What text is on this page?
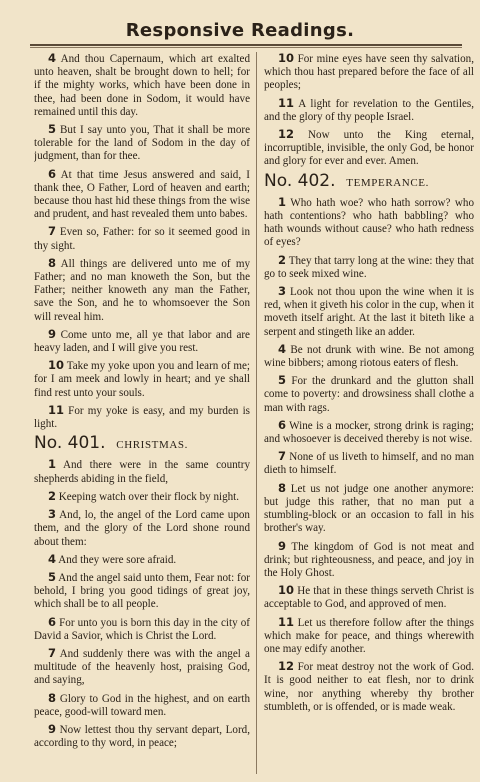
Responsive Readings.

4 And thou Capernaum, which art exalted unto heaven, shalt be brought down to hell; for if the mighty works, which have been done in thee, had been done in Sodom, it would have remained until this day.

5 But I say unto you, That it shall be more tolerable for the land of Sodom in the day of judgment, than for thee.

6 At that time Jesus answered and said, I thank thee, O Father, Lord of heaven and earth; because thou hast hid these things from the wise and prudent, and hast revealed them unto babes.

7 Even so, Father: for so it seemed good in thy sight.

8 All things are delivered unto me of my Father; and no man knoweth the Son, but the Father; neither knoweth any man the Father, save the Son, and he to whomsoever the Son will reveal him.

9 Come unto me, all ye that labor and are heavy laden, and I will give you rest.

10 Take my yoke upon you and learn of me; for I am meek and lowly in heart; and ye shall find rest unto your souls.

11 For my yoke is easy, and my burden is light.

No. 401. CHRISTMAS.

1 And there were in the same country shepherds abiding in the field,

2 Keeping watch over their flock by night.

3 And, lo, the angel of the Lord came upon them, and the glory of the Lord shone round about them:

4 And they were sore afraid.

5 And the angel said unto them, Fear not: for behold, I bring you good tidings of great joy, which shall be to all people.

6 For unto you is born this day in the city of David a Savior, which is Christ the Lord.

7 And suddenly there was with the angel a multitude of the heavenly host, praising God, and saying,

8 Glory to God in the highest, and on earth peace, good-will toward men.

9 Now lettest thou thy servant depart, Lord, according to thy word, in peace;

10 For mine eyes have seen thy salvation, which thou hast prepared before the face of all peoples;

11 A light for revelation to the Gentiles, and the glory of thy people Israel.

12 Now unto the King eternal, incorruptible, invisible, the only God, be honor and glory for ever and ever. Amen.

No. 402. TEMPERANCE.

1 Who hath woe? who hath sorrow? who hath contentions? who hath babbling? who hath wounds without cause? who hath redness of eyes?

2 They that tarry long at the wine: they that go to seek mixed wine.

3 Look not thou upon the wine when it is red, when it giveth his color in the cup, when it moveth itself aright. At the last it biteth like a serpent and stingeth like an adder.

4 Be not drunk with wine. Be not among wine bibbers; among riotous eaters of flesh.

5 For the drunkard and the glutton shall come to poverty: and drowsiness shall clothe a man with rags.

6 Wine is a mocker, strong drink is raging; and whosoever is deceived thereby is not wise.

7 None of us liveth to himself, and no man dieth to himself.

8 Let us not judge one another anymore: but judge this rather, that no man put a stumbling-block or an occasion to fall in his brother's way.

9 The kingdom of God is not meat and drink; but righteousness, and peace, and joy in the Holy Ghost.

10 He that in these things serveth Christ is acceptable to God, and approved of men.

11 Let us therefore follow after the things which make for peace, and things wherewith one may edify another.

12 For meat destroy not the work of God. It is good neither to eat flesh, nor to drink wine, nor anything whereby thy brother stumbleth, or is offended, or is made weak.
